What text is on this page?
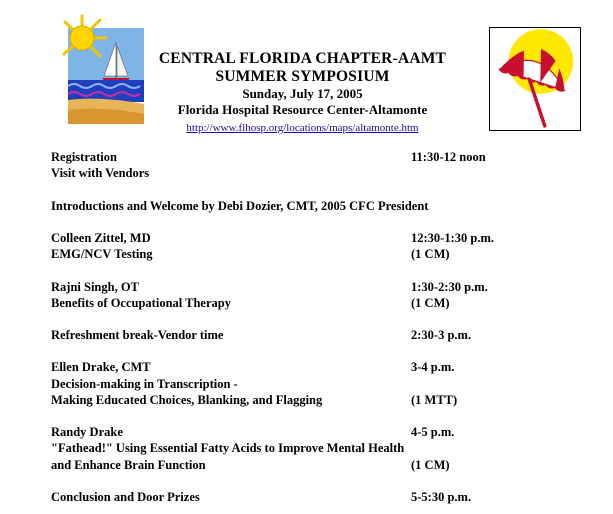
CENTRAL FLORIDA CHAPTER-AAMT
SUMMER SYMPOSIUM
Sunday, July 17, 2005
Florida Hospital Resource Center-Altamonte
http://www.flhosp.org/locations/maps/altamonte.htm
Registration	11:30-12 noon
Visit with Vendors
Introductions and Welcome by Debi Dozier, CMT, 2005 CFC President
Colleen Zittel, MD	12:30-1:30 p.m.
EMG/NCV Testing	(1 CM)
Rajni Singh, OT	1:30-2:30 p.m.
Benefits of Occupational Therapy	(1 CM)
Refreshment break-Vendor time	2:30-3 p.m.
Ellen Drake, CMT	3-4 p.m.
Decision-making in Transcription -
Making Educated Choices, Blanking, and Flagging	(1 MTT)
Randy Drake	4-5 p.m.
"Fathead!" Using Essential Fatty Acids to Improve Mental Health
and Enhance Brain Function	(1 CM)
Conclusion and Door Prizes	5-5:30 p.m.
